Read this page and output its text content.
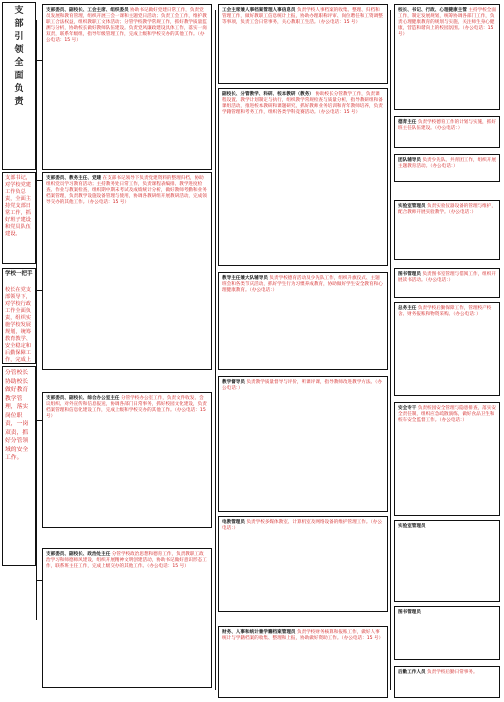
支部引领全面负责
支部书记，对学校党建工作负总责，全面主持党支部日常工作，抓好班子建设和党员队伍建设。
学校一把手
校长在党支部领导下，对学校行政工作全面负责，组织实施学校发展规划，统筹教育教学、安全稳定和后勤保障工作，完成上
分管校长协助校长做好教育教学管理，落实岗位职责，一岗双责，抓好分管领域的安全工作。
支部委员、副校长、工会主席、组织委员 协助书记做好党建日常工作，负责党员发展和教育管理，组织开展三会一课和主题党日活动；负责工会工作，维护教职工合法权益，组织教职工文体活动；分管学校教学常规工作，抓好教学质量监测与分析，协助校长做好教师队伍建设。负责党风廉政建设具体工作，落实一岗双责，联系年级组，指导年级管理工作，完成上级和学校交办的其他工作。（办公电话：15 号）
支部委员、教务主任、党建 在支部书记领导下负责党建资料的整理归档，协助组织党员学习教育活动；主持教务处日常工作，负责课程表编排、教学进度检查、作业与教案检查，组织期中期末考试及成绩统计分析，做好教师考勤和业务档案管理，负责教学设施设备管理与使用，协调各教研组开展教研活动，完成领导交办的其他工作。（办公电话：15 号）
支部委员、副校长、综合办公室主任 分管学校办公室工作，负责文件收发、会议组织、对外宣传和信息报送，协调各部门日常事务，抓好校园文化建设，负责档案管理和信息化建设工作，完成上级和学校交办的其他工作。（办公电话：15 号）
支部委员、副校长、政治处主任 分管学校政治思想和德育工作，负责教职工政治学习和师德师风建设，组织开展精神文明创建活动，协助书记做好意识形态工作，联系班主任工作，完成上级交办的其他工作。（办公电话：15 号）
工会主席兼人事档案管理人事信息员 负责学校人事档案的收集、整理、归档和管理工作，做好教职工信息统计上报，协助办理职称评审、岗位聘任和工资调整等事项，负责工会日常事务，关心教职工生活。（办公电话：15 号）
副校长、分管教学、科研、校本教研（教务） 协助校长分管教学工作，负责课程设置、教学计划制定与执行，组织教学常规检查与质量分析，指导教研组和备课组活动，推进校本教研和课题研究，抓好教师业务培训和青年教师培养，负责学籍管理和考务工作，组织各类学科竞赛活动。（办公电话：15 号）
教导主任兼大队辅导员 负责学校德育活动及少先队工作，组织升旗仪式、主题班会和各类节庆活动，抓好学生行为习惯养成教育，协助做好学生安全教育和心理健康教育。（办公电话：）
教学督导员 负责教学质量督导与评价，听课评课，指导教师改进教学方法。（办公电话：）
电教管理员 负责学校多媒体教室、计算机室及网络设备的维护管理工作。（办公电话：）
财务、人事和统计兼学籍档案管理员 负责学校财务核算和报账工作，做好人事统计与学籍档案的收集、整理和上报，协助做好资助工作。（办公电话：15 号）
校长、书记、行政、心理健康主管 主持学校全面工作，制定发展规划，统筹协调各部门工作，负责心理健康教育的规划与实施，关注师生身心健康，营造和谐向上的校园氛围。（办公电话：15 号）
德育主任 负责学校德育工作的计划与实施，抓好班主任队伍建设。（办公电话：）
团队辅导员 负责少先队、共青团工作，组织开展主题教育活动。（办公电话：）
实验室管理员 负责实验仪器设备的管理与维护，配合教师开展实验教学。（办公电话：）
图书管理员 负责图书室管理与借阅工作，组织开展读书活动。（办公电话：）
总务主任 负责学校后勤保障工作，管理校产校舍、财务报账和物资采购。（办公电话：）
安全专干 负责校园安全管理与隐患排查，落实安全责任制，组织应急疏散演练，做好食品卫生和校车安全监督工作。（办公电话：）
实验室管理员
图书管理员
后勤工作人员 负责学校后勤日常事务。
